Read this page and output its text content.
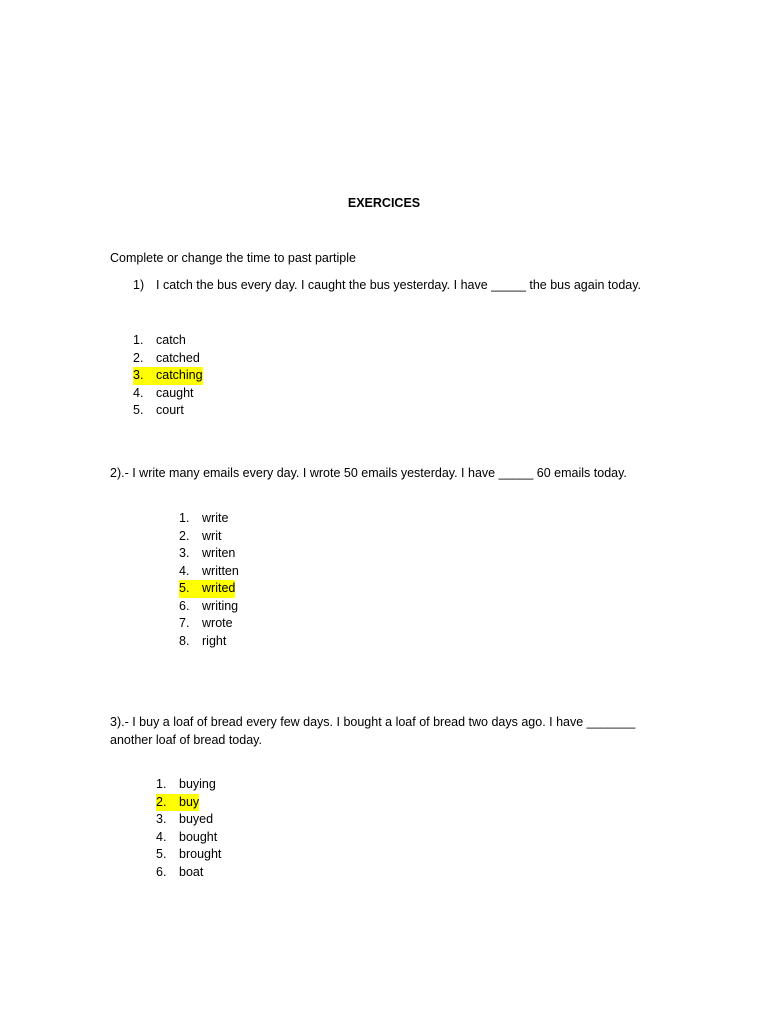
EXERCICES
Complete or change the time to past partiple
1) I catch the bus every day. I caught the bus yesterday. I have _____ the bus again today.
1. catch
2. catched
3. catching
4. caught
5. court
2).- I write many emails every day. I wrote 50 emails yesterday. I have _____ 60 emails today.
1. write
2. writ
3. writen
4. written
5. writed
6. writing
7. wrote
8. right
3).- I buy a loaf of bread every few days. I bought a loaf of bread two days ago. I have _______
another loaf of bread today.
1. buying
2. buy
3. buyed
4. bought
5. brought
6. boat
